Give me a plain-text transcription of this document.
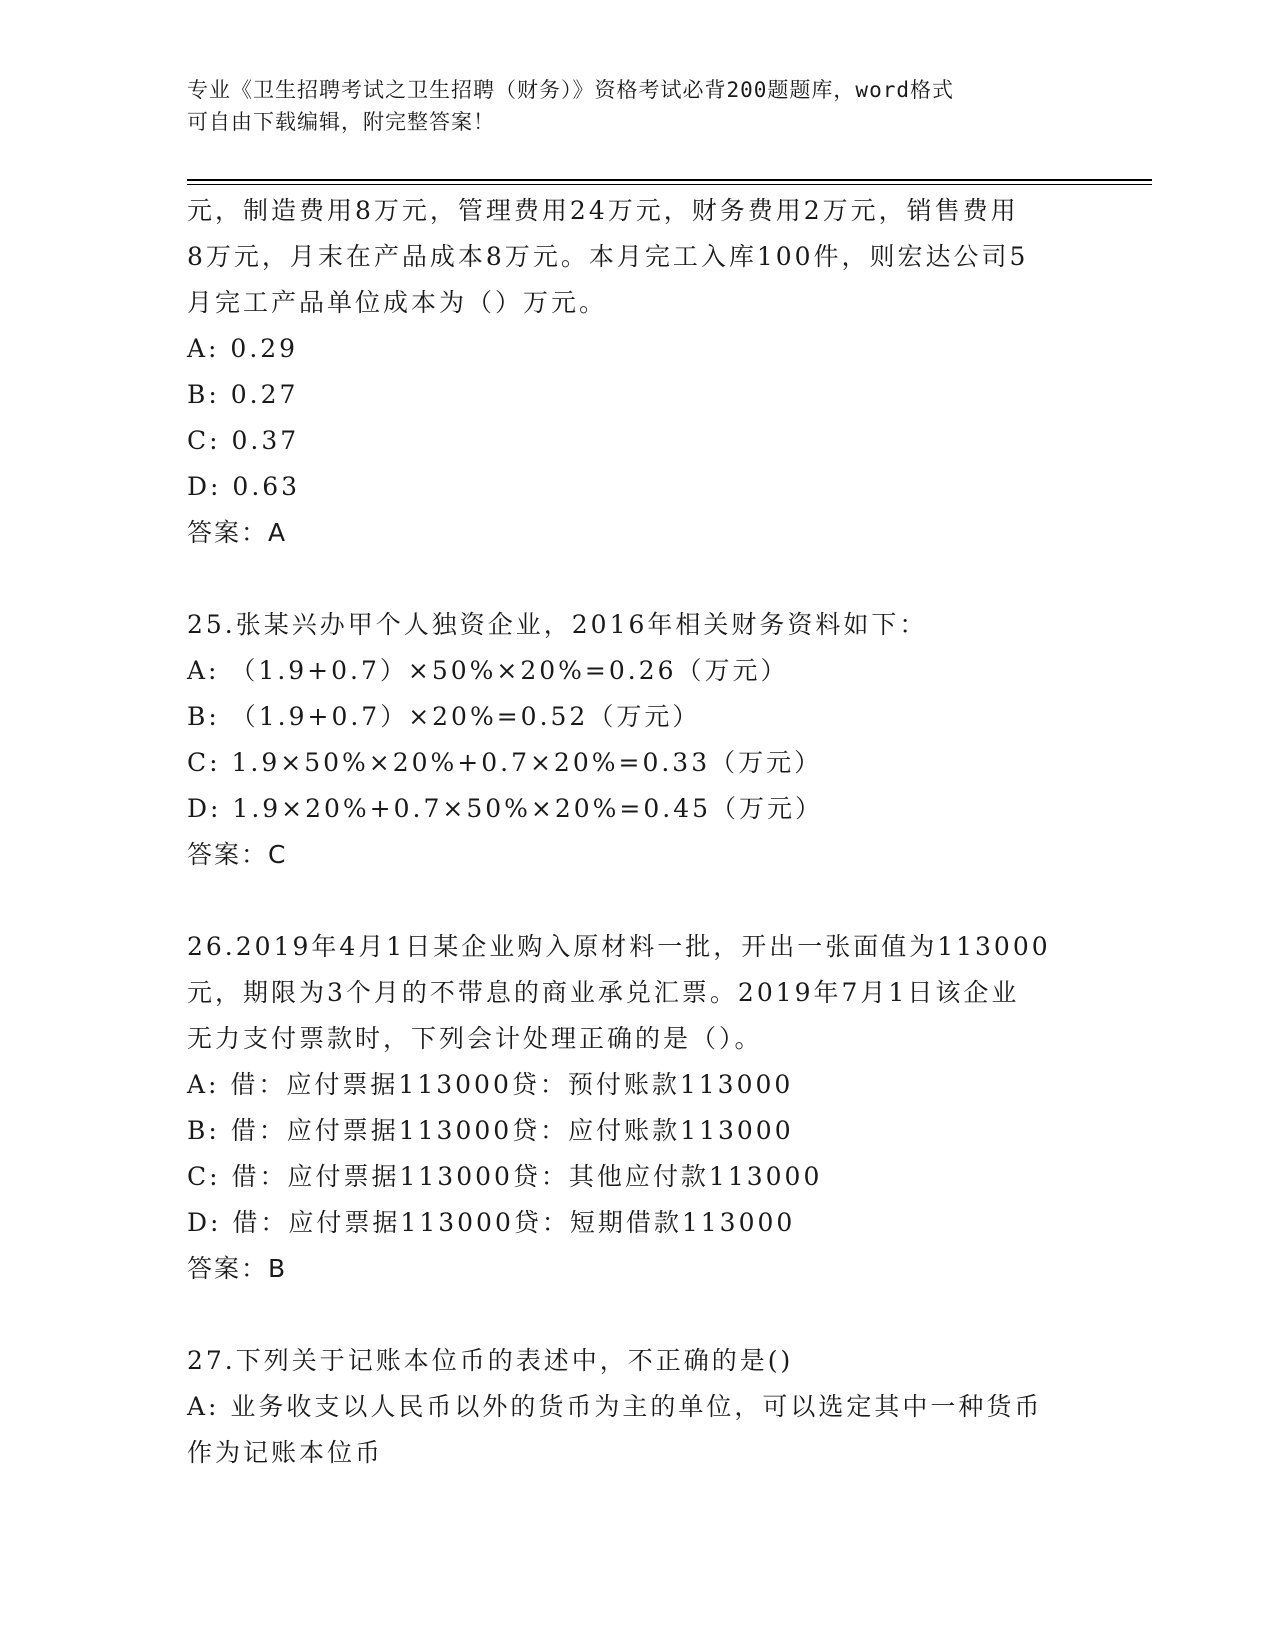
专业《卫生招聘考试之卫生招聘（财务）》资格考试必背200题题库，word格式
可自由下载编辑，附完整答案！
元，制造费用8万元，管理费用24万元，财务费用2万元，销售费用
8万元，月末在产品成本8万元。本月完工入库100件，则宏达公司5
月完工产品单位成本为（）万元。
A: 0.29
B: 0.27
C: 0.37
D: 0.63
答案：A
25.张某兴办甲个人独资企业，2016年相关财务资料如下：
A: （1.9+0.7）×50%×20%=0.26（万元）
B: （1.9+0.7）×20%=0.52（万元）
C: 1.9×50%×20%+0.7×20%=0.33（万元）
D: 1.9×20%+0.7×50%×20%=0.45（万元）
答案：C
26.2019年4月1日某企业购入原材料一批，开出一张面值为113000
元，期限为3个月的不带息的商业承兑汇票。2019年7月1日该企业
无力支付票款时，下列会计处理正确的是（）。
A: 借：应付票据113000贷：预付账款113000
B: 借：应付票据113000贷：应付账款113000
C: 借：应付票据113000贷：其他应付款113000
D: 借：应付票据113000贷：短期借款113000
答案：B
27.下列关于记账本位币的表述中，不正确的是()
A: 业务收支以人民币以外的货币为主的单位，可以选定其中一种货币
作为记账本位币
